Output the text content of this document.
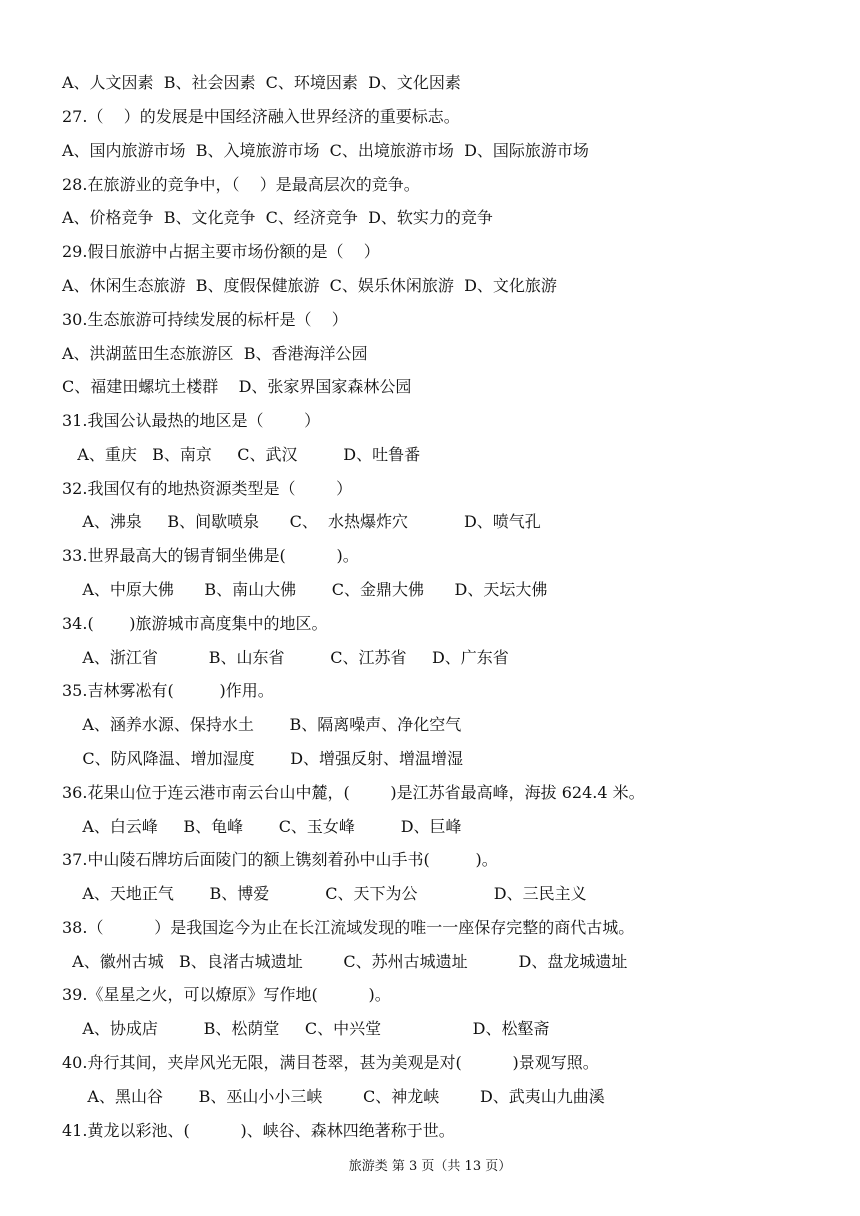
A、人文因素  B、社会因素  C、环境因素  D、文化因素
27.（    ）的发展是中国经济融入世界经济的重要标志。
A、国内旅游市场  B、入境旅游市场  C、出境旅游市场  D、国际旅游市场
28.在旅游业的竞争中，（    ）是最高层次的竞争。
A、价格竞争  B、文化竞争  C、经济竞争  D、软实力的竞争
29.假日旅游中占据主要市场份额的是（    ）
A、休闲生态旅游  B、度假保健旅游  C、娱乐休闲旅游  D、文化旅游
30.生态旅游可持续发展的标杆是（    ）
A、洪湖蓝田生态旅游区  B、香港海洋公园
C、福建田螺坑土楼群    D、张家界国家森林公园
31.我国公认最热的地区是（        ）
A、重庆   B、南京     C、武汉         D、吐鲁番
32.我国仅有的地热资源类型是（        ）
A、沸泉     B、间歇喷泉      C、  水热爆炸穴           D、喷气孔
33.世界最高大的锡青铜坐佛是(          )。
A、中原大佛      B、南山大佛       C、金鼎大佛      D、天坛大佛
34.(       )旅游城市高度集中的地区。
A、浙江省          B、山东省         C、江苏省     D、广东省
35.吉林雾凇有(         )作用。
A、涵养水源、保持水土       B、隔离噪声、净化空气
C、防风降温、增加湿度       D、增强反射、增温增湿
36.花果山位于连云港市南云台山中麓，(        )是江苏省最高峰，海拔 624.4 米。
A、白云峰     B、龟峰       C、玉女峰         D、巨峰
37.中山陵石牌坊后面陵门的额上镌刻着孙中山手书(         )。
A、天地正气       B、博爱           C、天下为公               D、三民主义
38.（          ）是我国迄今为止在长江流域发现的唯一一座保存完整的商代古城。
A、徽州古城   B、良渚古城遗址        C、苏州古城遗址          D、盘龙城遗址
39.《星星之火，可以燎原》写作地(          )。
A、协成店         B、松荫堂     C、中兴堂                  D、松壑斋
40.舟行其间，夹岸风光无限，满目苍翠，甚为美观是对(          )景观写照。
A、黑山谷       B、巫山小小三峡        C、神龙峡        D、武夷山九曲溪
41.黄龙以彩池、(          )、峡谷、森林四绝著称于世。
旅游类 第 3 页（共 13 页）
